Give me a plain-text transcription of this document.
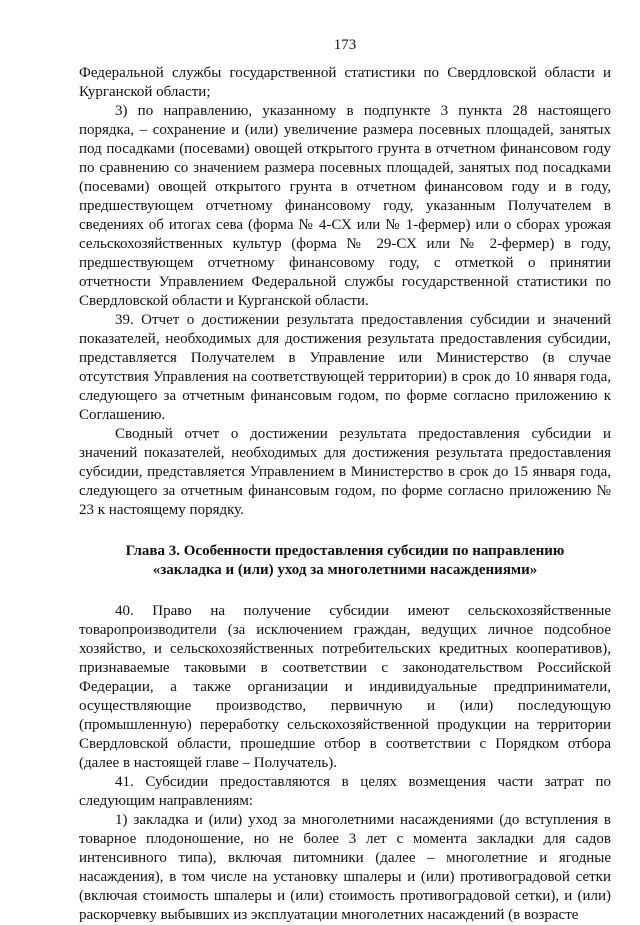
173

Федеральной службы государственной статистики по Свердловской области и Курганской области;

3) по направлению, указанному в подпункте 3 пункта 28 настоящего порядка, – сохранение и (или) увеличение размера посевных площадей, занятых под посадками (посевами) овощей открытого грунта в отчетном финансовом году по сравнению со значением размера посевных площадей, занятых под посадками (посевами) овощей открытого грунта в отчетном финансовом году и в году, предшествующем отчетному финансовому году, указанным Получателем в сведениях об итогах сева (форма № 4-СХ или № 1-фермер) или о сборах урожая сельскохозяйственных культур (форма № 29-СХ или № 2-фермер) в году, предшествующем отчетному финансовому году, с отметкой о принятии отчетности Управлением Федеральной службы государственной статистики по Свердловской области и Курганской области.

39. Отчет о достижении результата предоставления субсидии и значений показателей, необходимых для достижения результата предоставления субсидии, представляется Получателем в Управление или Министерство (в случае отсутствия Управления на соответствующей территории) в срок до 10 января года, следующего за отчетным финансовым годом, по форме согласно приложению к Соглашению.

Сводный отчет о достижении результата предоставления субсидии и значений показателей, необходимых для достижения результата предоставления субсидии, представляется Управлением в Министерство в срок до 15 января года, следующего за отчетным финансовым годом, по форме согласно приложению № 23 к настоящему порядку.

Глава 3. Особенности предоставления субсидии по направлению
«закладка и (или) уход за многолетними насаждениями»

40. Право на получение субсидии имеют сельскохозяйственные товаропроизводители (за исключением граждан, ведущих личное подсобное хозяйство, и сельскохозяйственных потребительских кредитных кооперативов), признаваемые таковыми в соответствии с законодательством Российской Федерации, а также организации и индивидуальные предприниматели, осуществляющие производство, первичную и (или) последующую (промышленную) переработку сельскохозяйственной продукции на территории Свердловской области, прошедшие отбор в соответствии с Порядком отбора (далее в настоящей главе – Получатель).

41. Субсидии предоставляются в целях возмещения части затрат по следующим направлениям:

1) закладка и (или) уход за многолетними насаждениями (до вступления в товарное плодоношение, но не более 3 лет с момента закладки для садов интенсивного типа), включая питомники (далее – многолетние и ягодные насаждения), в том числе на установку шпалеры и (или) противоградовой сетки (включая стоимость шпалеры и (или) стоимость противоградовой сетки), и (или) раскорчевку выбывших из эксплуатации многолетних насаждений (в возрасте
